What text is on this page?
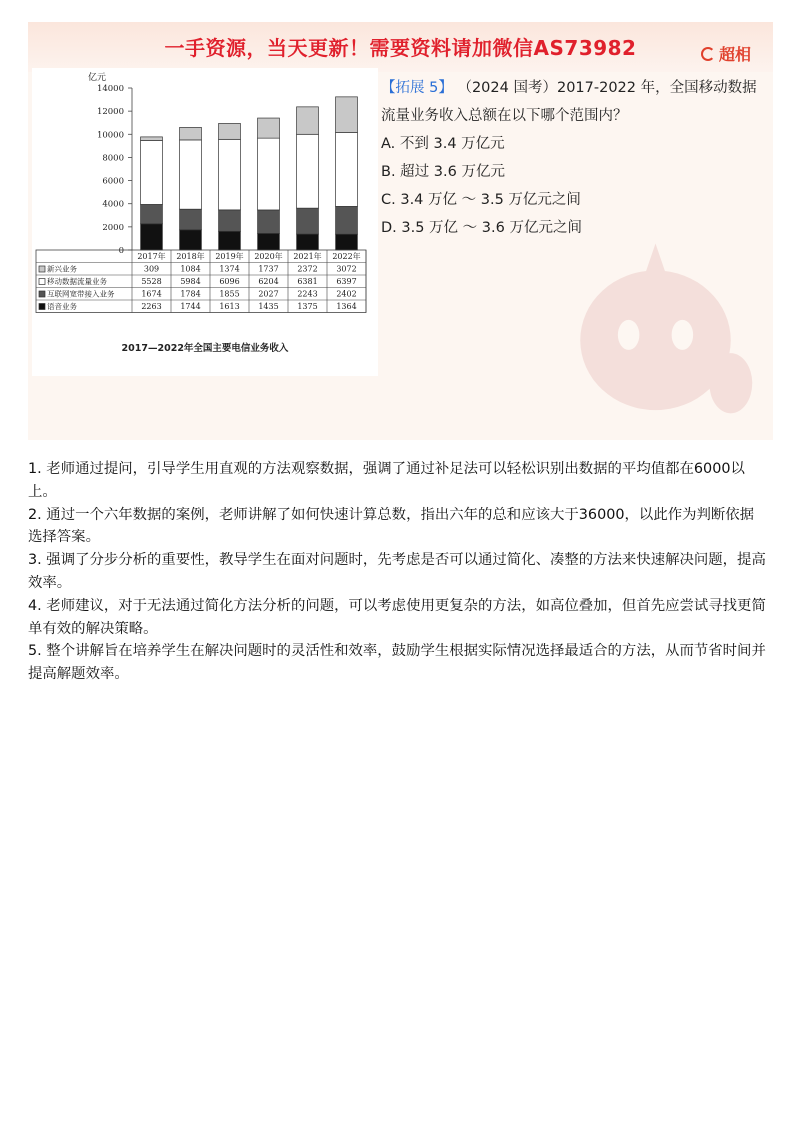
一手资源，当天更新！需要资料请加微信AS73982	超相
亿元
0
2000
4000
6000
8000
10000
12000
14000
2017年 2018年 2019年 2020年 2021年 2022年
新兴业务	309	1084 1374 1737 2372 3072
移动数据流量业务	5528 5984 6096 6204 6381 6397
互联网宽带接入业务	1674 1784 1855 2027 2243 2402
语音业务	2263 1744 1613 1435 1375 1364
2017—2022年全国主要电信业务收入
【拓展 5】 （2024 国考）2017-2022 年，全国移动数据流量业务收入总额在以下哪个范围内？
A. 不到 3.4 万亿元
B. 超过 3.6 万亿元
C. 3.4 万亿 ～ 3.5 万亿元之间
D. 3.5 万亿 ～ 3.6 万亿元之间

1. 老师通过提问，引导学生用直观的方法观察数据，强调了通过补足法可以轻松识别出数据的平均值都在6000以上。

2. 通过一个六年数据的案例，老师讲解了如何快速计算总数，指出六年的总和应该大于36000，以此作为判断依据选择答案。

3. 强调了分步分析的重要性，教导学生在面对问题时，先考虑是否可以通过简化、凑整的方法来快速解决问题，提高效率。

4. 老师建议，对于无法通过简化方法分析的问题，可以考虑使用更复杂的方法，如高位叠加，但首先应尝试寻找更简单有效的解决策略。

5. 整个讲解旨在培养学生在解决问题时的灵活性和效率，鼓励学生根据实际情况选择最适合的方法，从而节省时间并提高解题效率。
